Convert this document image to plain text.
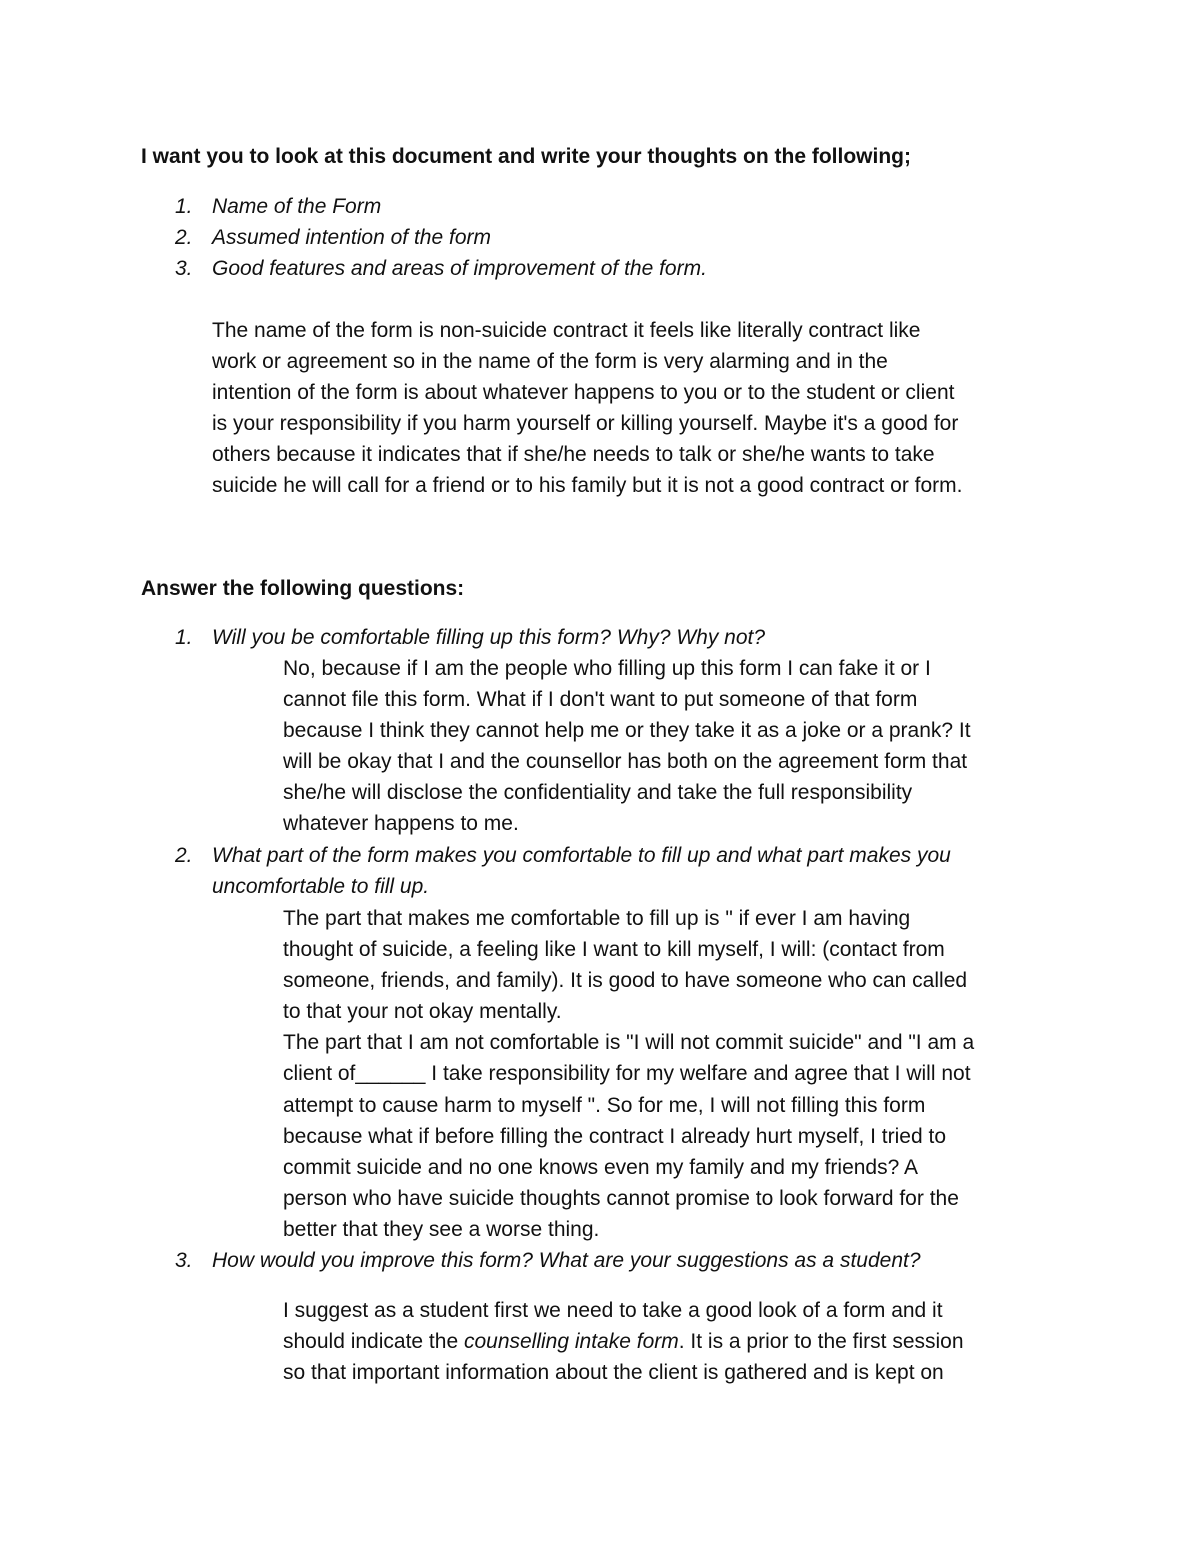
I want you to look at this document and write your thoughts on the following;
1. Name of the Form
2. Assumed intention of the form
3. Good features and areas of improvement of the form.
The name of the form is non-suicide contract it feels like literally contract like
work or agreement so in the name of the form is very alarming and in the
intention of the form is about whatever happens to you or to the student or client
is your responsibility if you harm yourself or killing yourself. Maybe it's a good for
others because it indicates that if she/he needs to talk or she/he wants to take
suicide he will call for a friend or to his family but it is not a good contract or form.
Answer the following questions:
1. Will you be comfortable filling up this form? Why? Why not?
No, because if I am the people who filling up this form I can fake it or I
cannot file this form. What if I don't want to put someone of that form
because I think they cannot help me or they take it as a joke or a prank? It
will be okay that I and the counsellor has both on the agreement form that
she/he will disclose the confidentiality and take the full responsibility
whatever happens to me.
2. What part of the form makes you comfortable to fill up and what part makes you uncomfortable to fill up.
The part that makes me comfortable to fill up is " if ever I am having
thought of suicide, a feeling like I want to kill myself, I will: (contact from
someone, friends, and family). It is good to have someone who can called
to that your not okay mentally.
The part that I am not comfortable is "I will not commit suicide" and "I am a
client of______ I take responsibility for my welfare and agree that I will not
attempt to cause harm to myself ". So for me, I will not filling this form
because what if before filling the contract I already hurt myself, I tried to
commit suicide and no one knows even my family and my friends? A
person who have suicide thoughts cannot promise to look forward for the
better that they see a worse thing.
3. How would you improve this form? What are your suggestions as a student?
I suggest as a student first we need to take a good look of a form and it
should indicate the counselling intake form. It is a prior to the first session
so that important information about the client is gathered and is kept on
